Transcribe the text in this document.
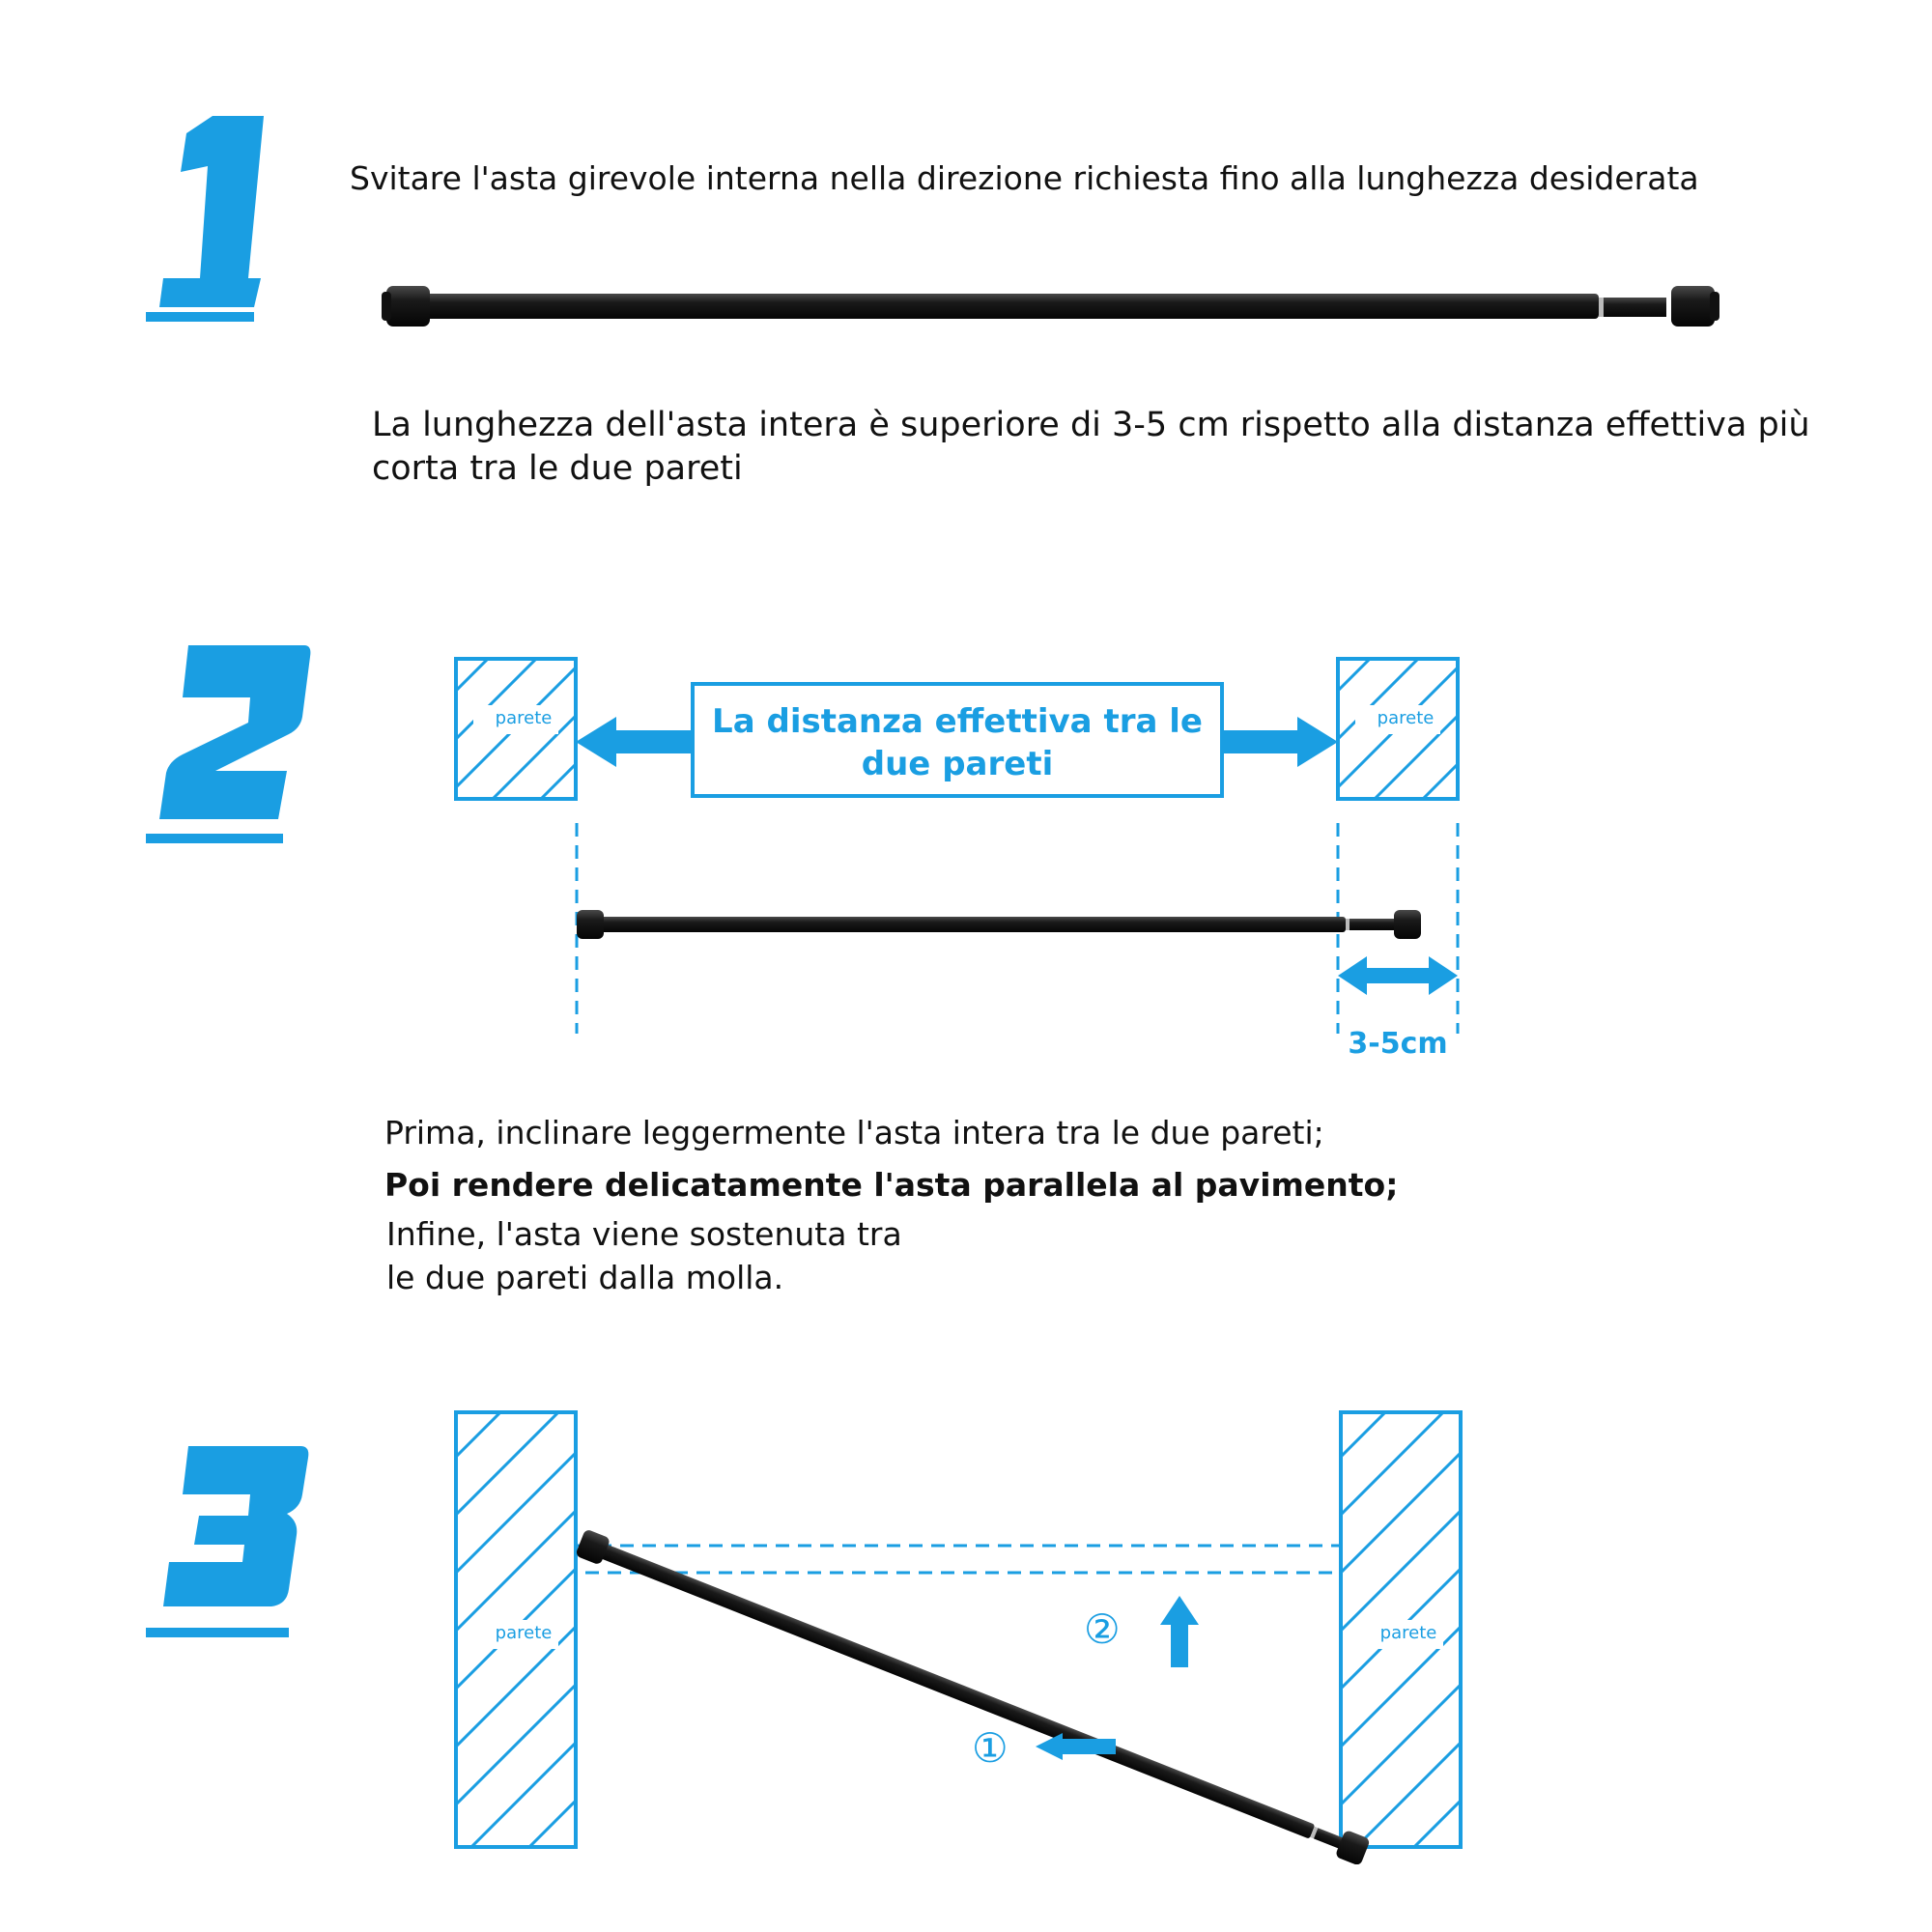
Svitare l'asta girevole interna nella direzione richiesta fino alla lunghezza desiderata
La lunghezza dell'asta intera è superiore di 3-5 cm rispetto alla distanza effettiva più
corta tra le due pareti
parete	parete
La distanza effettiva tra le
due pareti
3-5cm
Prima, inclinare leggermente l'asta intera tra le due pareti;
Poi rendere delicatamente l'asta parallela al pavimento;
Infine, l'asta viene sostenuta tra
le due pareti dalla molla.
parete	parete
②
①
